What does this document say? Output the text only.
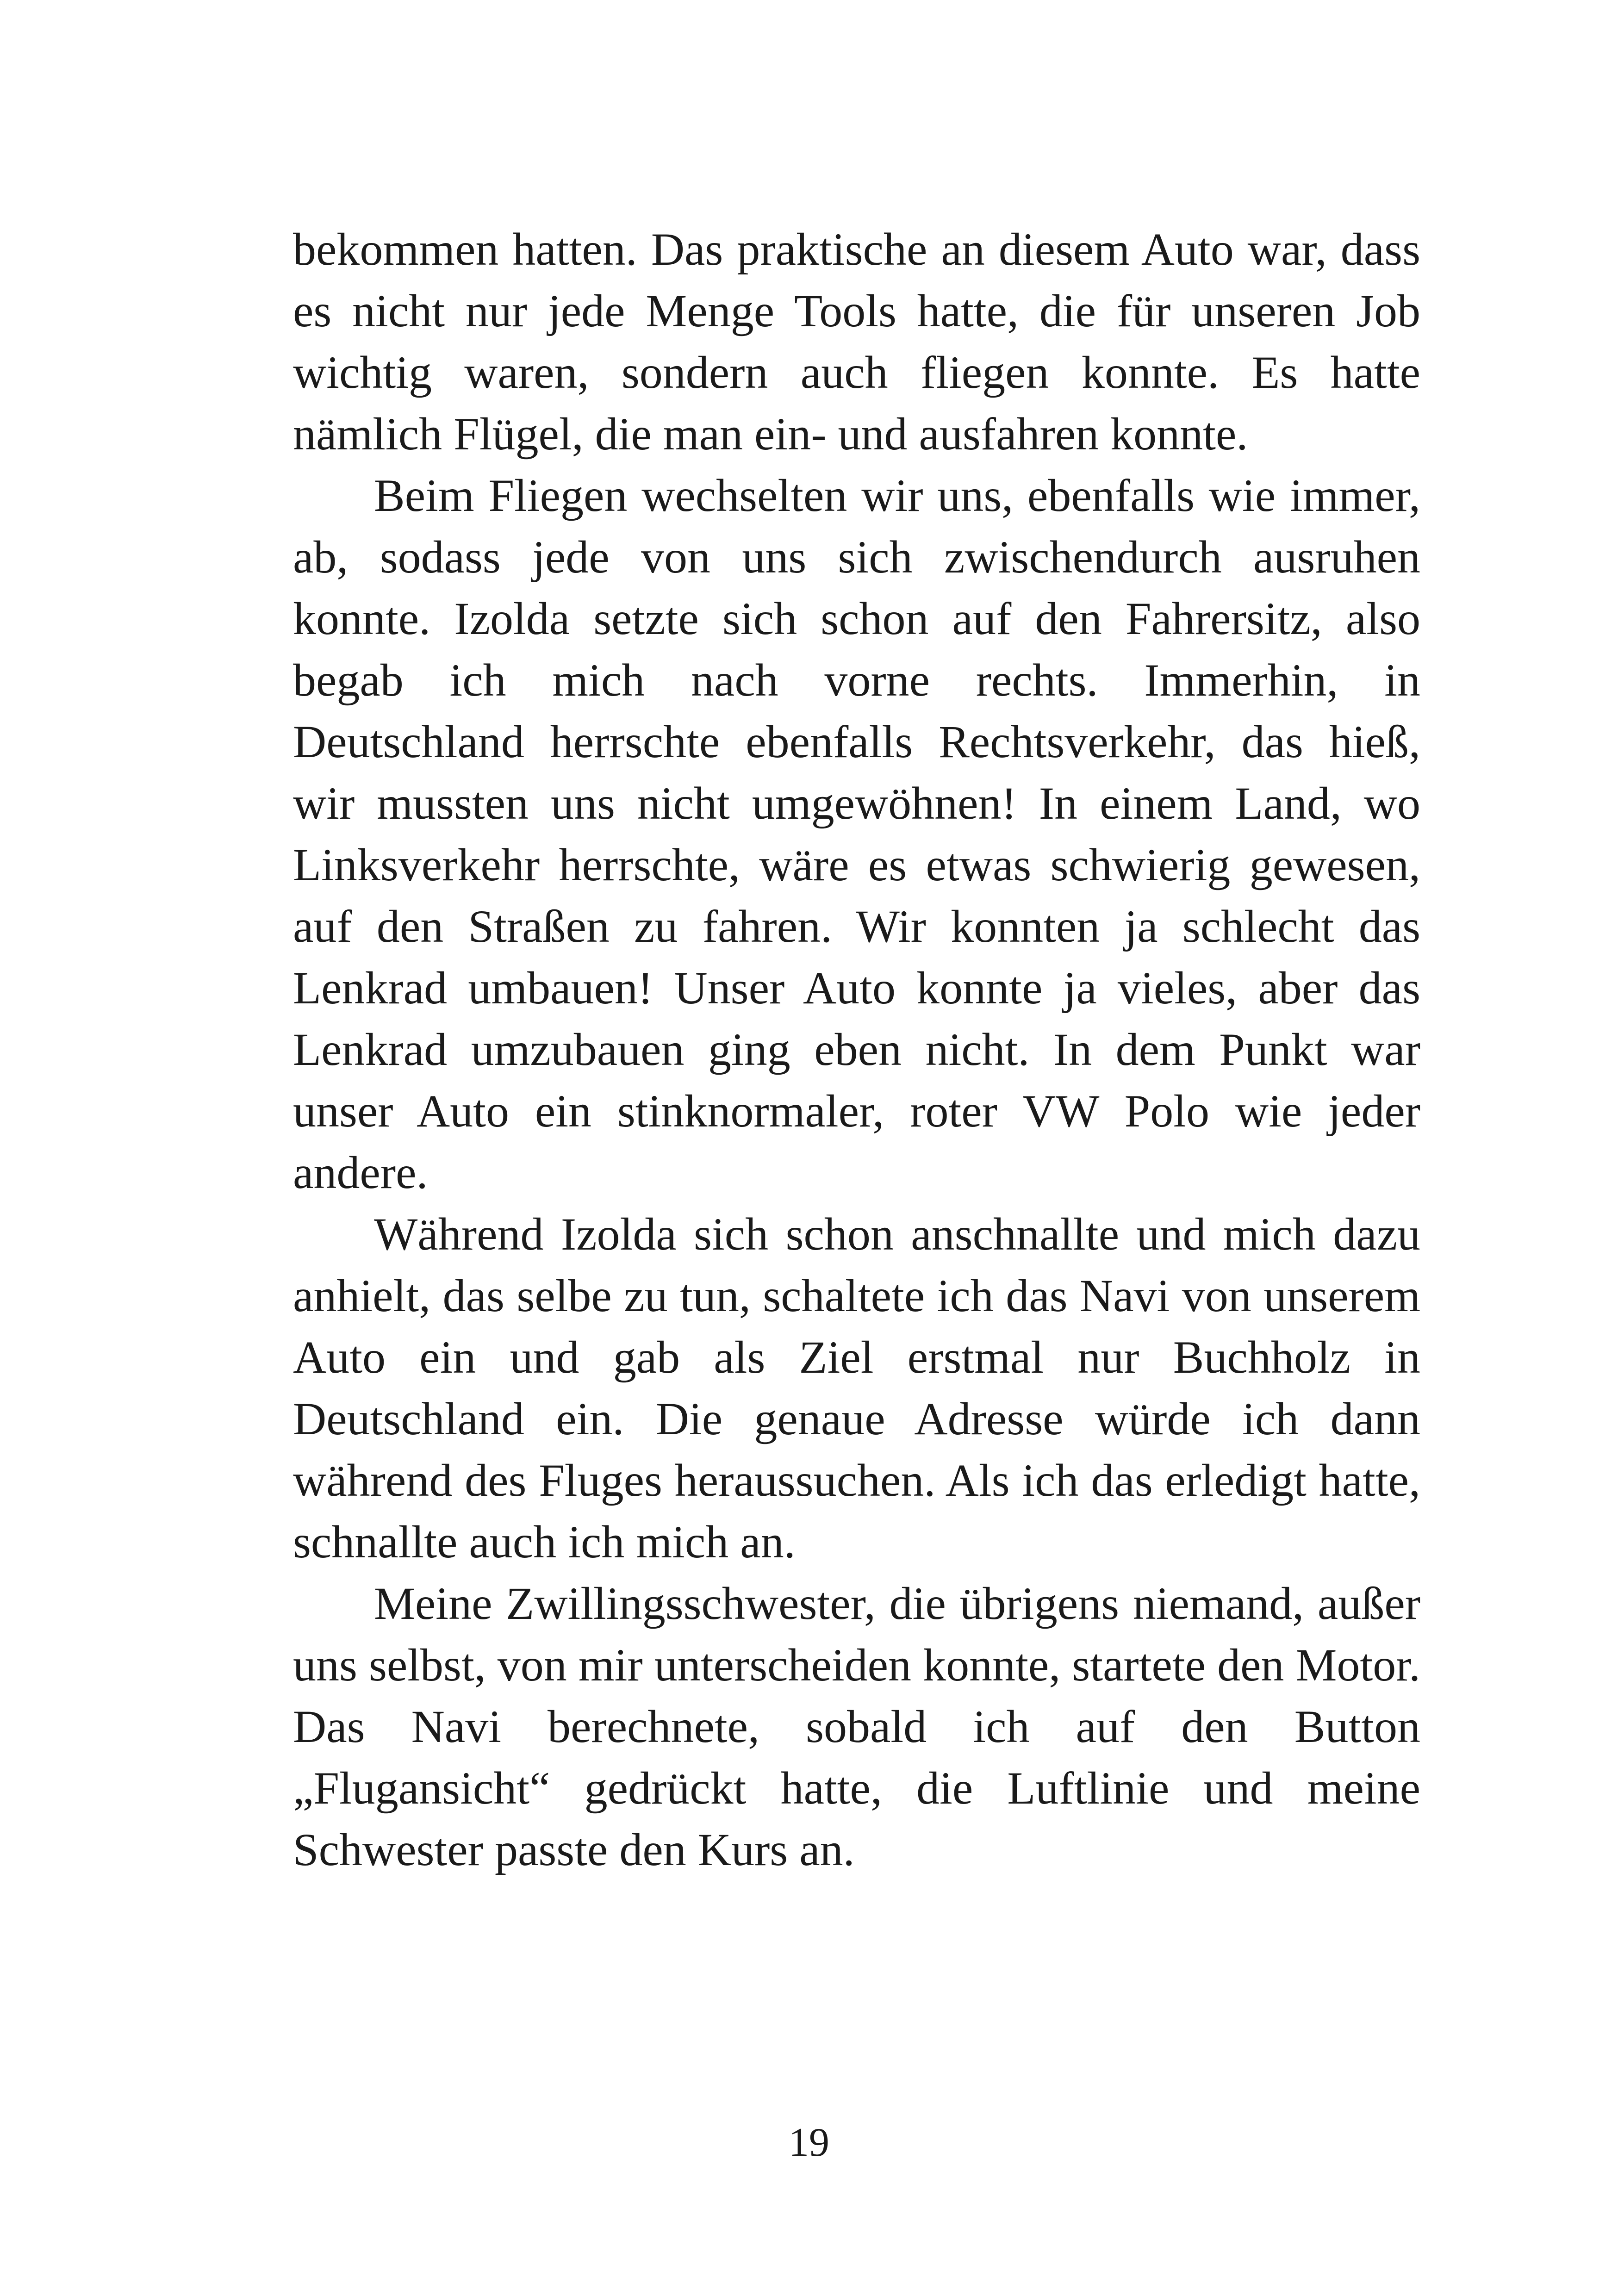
bekommen hatten. Das praktische an diesem Auto war, dass es nicht nur jede Menge Tools hatte, die für unseren Job wichtig waren, sondern auch fliegen konnte. Es hatte nämlich Flügel, die man ein- und ausfahren konnte.

Beim Fliegen wechselten wir uns, ebenfalls wie immer, ab, sodass jede von uns sich zwischendurch ausruhen konnte. Izolda setzte sich schon auf den Fahrersitz, also begab ich mich nach vorne rechts. Immerhin, in Deutschland herrschte ebenfalls Rechtsverkehr, das hieß, wir mussten uns nicht umgewöhnen! In einem Land, wo Linksverkehr herrschte, wäre es etwas schwierig gewesen, auf den Straßen zu fahren. Wir konnten ja schlecht das Lenkrad umbauen! Unser Auto konnte ja vieles, aber das Lenkrad umzubauen ging eben nicht. In dem Punkt war unser Auto ein stinknormaler, roter VW Polo wie jeder andere.

Während Izolda sich schon anschnallte und mich dazu anhielt, das selbe zu tun, schaltete ich das Navi von unserem Auto ein und gab als Ziel erstmal nur Buchholz in Deutschland ein. Die genaue Adresse würde ich dann während des Fluges heraussuchen. Als ich das erledigt hatte, schnallte auch ich mich an.

Meine Zwillingsschwester, die übrigens niemand, außer uns selbst, von mir unterscheiden konnte, startete den Motor. Das Navi berechnete, sobald ich auf den Button „Flugansicht“ gedrückt hatte, die Luftlinie und meine Schwester passte den Kurs an.

19
